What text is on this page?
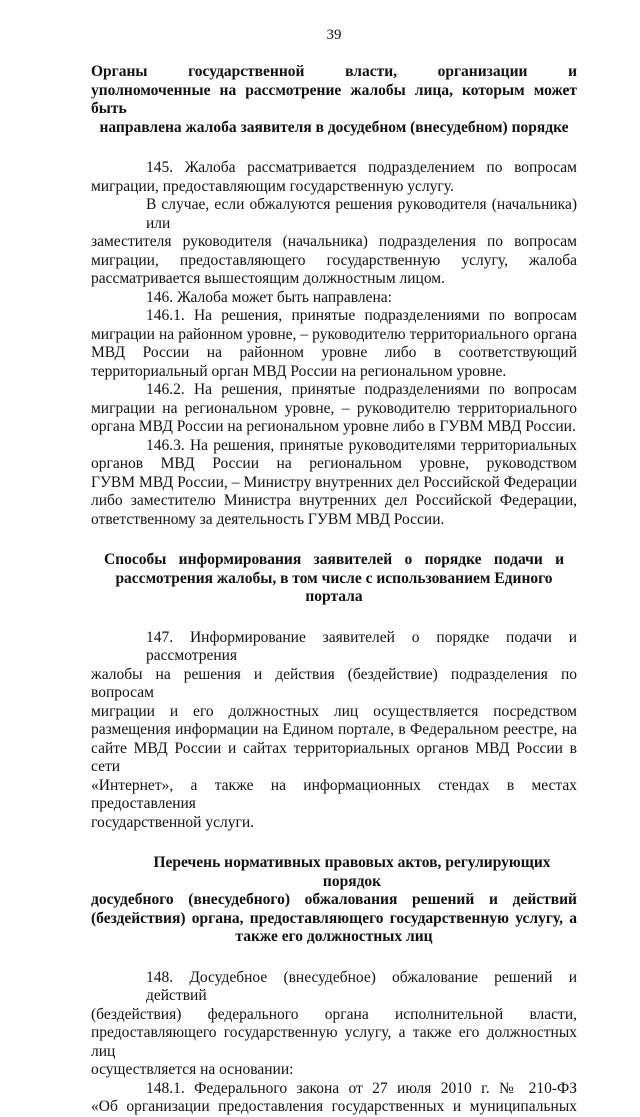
39
Органы государственной власти, организации и
уполномоченные на рассмотрение жалобы лица, которым может быть
направлена жалоба заявителя в досудебном (внесудебном) порядке
145. Жалоба рассматривается подразделением по вопросам
миграции, предоставляющим государственную услугу.
В случае, если обжалуются решения руководителя (начальника) или
заместителя руководителя (начальника) подразделения по вопросам
миграции, предоставляющего государственную услугу, жалоба
рассматривается вышестоящим должностным лицом.
146. Жалоба может быть направлена:
146.1. На решения, принятые подразделениями по вопросам
миграции на районном уровне, – руководителю территориального органа
МВД России на районном уровне либо в соответствующий
территориальный орган МВД России на региональном уровне.
146.2. На решения, принятые подразделениями по вопросам
миграции на региональном уровне, – руководителю территориального
органа МВД России на региональном уровне либо в ГУВМ МВД России.
146.3. На решения, принятые руководителями территориальных
органов МВД России на региональном уровне, руководством
ГУВМ МВД России, – Министру внутренних дел Российской Федерации
либо заместителю Министра внутренних дел Российской Федерации,
ответственному за деятельность ГУВМ МВД России.
Способы информирования заявителей о порядке подачи и
рассмотрения жалобы, в том числе с использованием Единого портала
147. Информирование заявителей о порядке подачи и рассмотрения
жалобы на решения и действия (бездействие) подразделения по вопросам
миграции и его должностных лиц осуществляется посредством
размещения информации на Едином портале, в Федеральном реестре, на
сайте МВД России и сайтах территориальных органов МВД России в сети
«Интернет», а также на информационных стендах в местах предоставления
государственной услуги.
Перечень нормативных правовых актов, регулирующих порядок
досудебного (внесудебного) обжалования решений и действий
(бездействия) органа, предоставляющего государственную услугу, а
также его должностных лиц
148. Досудебное (внесудебное) обжалование решений и действий
(бездействия) федерального органа исполнительной власти,
предоставляющего государственную услугу, а также его должностных лиц
осуществляется на основании:
148.1. Федерального закона от 27 июля 2010 г. № 210-ФЗ
«Об организации предоставления государственных и муниципальных
